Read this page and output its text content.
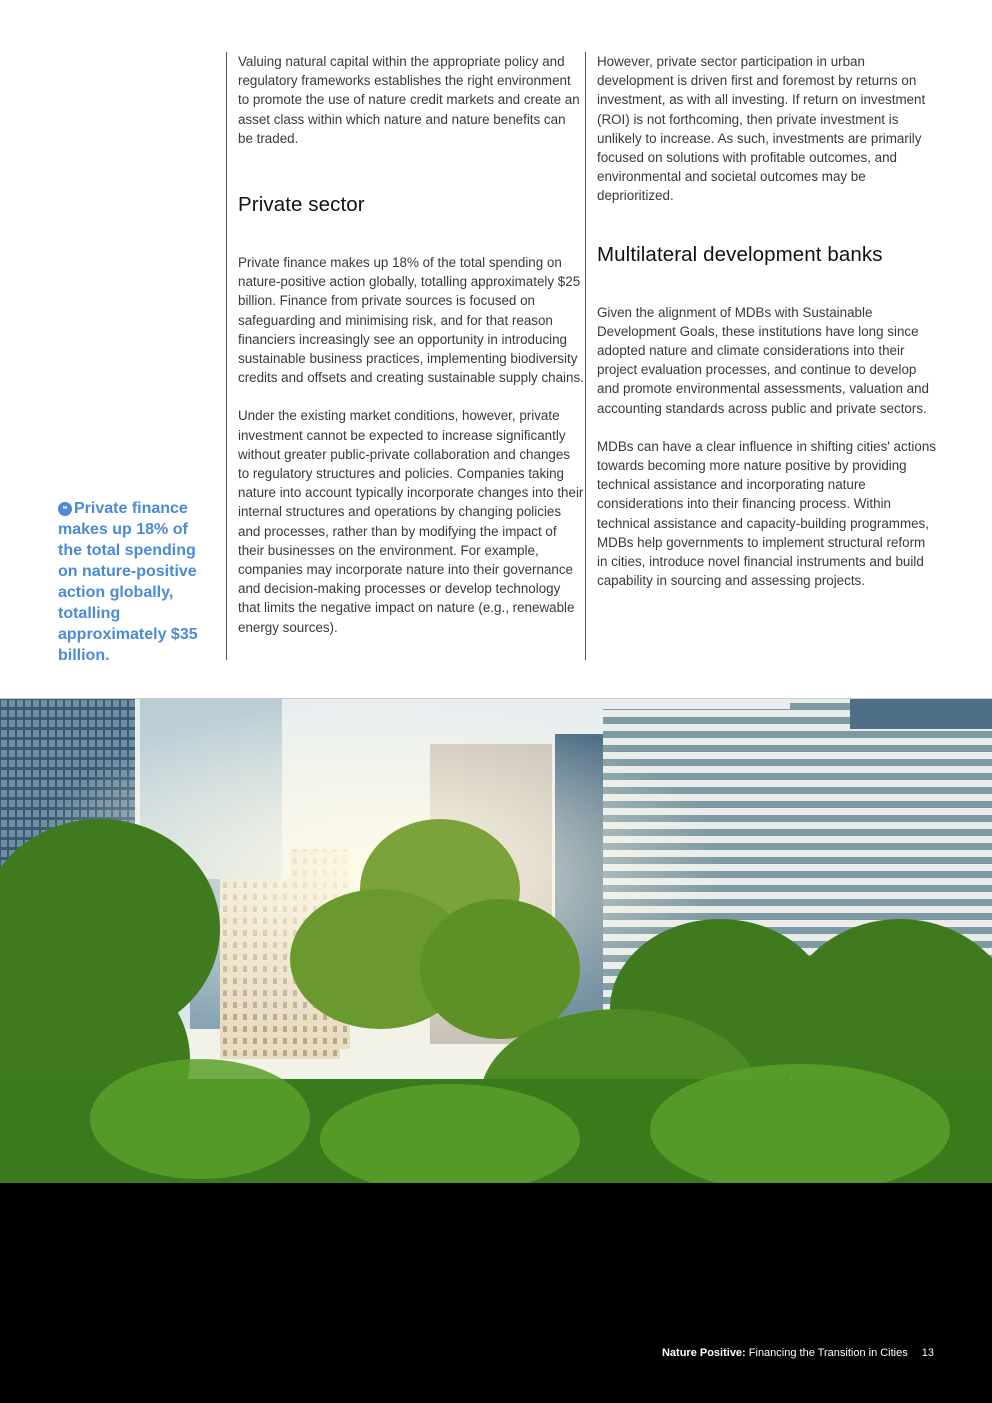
Valuing natural capital within the appropriate policy and regulatory frameworks establishes the right environment to promote the use of nature credit markets and create an asset class within which nature and nature benefits can be traded.

Private sector

Private finance makes up 18% of the total spending on nature-positive action globally, totalling approximately $25 billion. Finance from private sources is focused on safeguarding and minimising risk, and for that reason financiers increasingly see an opportunity in introducing sustainable business practices, implementing biodiversity credits and offsets and creating sustainable supply chains.

Under the existing market conditions, however, private investment cannot be expected to increase significantly without greater public-private collaboration and changes to regulatory structures and policies. Companies taking nature into account typically incorporate changes into their internal structures and operations by changing policies and processes, rather than by modifying the impact of their businesses on the environment. For example, companies may incorporate nature into their governance and decision-making processes or develop technology that limits the negative impact on nature (e.g., renewable energy sources).

However, private sector participation in urban development is driven first and foremost by returns on investment, as with all investing. If return on investment (ROI) is not forthcoming, then private investment is unlikely to increase. As such, investments are primarily focused on solutions with profitable outcomes, and environmental and societal outcomes may be deprioritized.

Multilateral development banks

Given the alignment of MDBs with Sustainable Development Goals, these institutions have long since adopted nature and climate considerations into their project evaluation processes, and continue to develop and promote environmental assessments, valuation and accounting standards across public and private sectors.

MDBs can have a clear influence in shifting cities' actions towards becoming more nature positive by providing technical assistance and incorporating nature considerations into their financing process. Within technical assistance and capacity-building programmes, MDBs help governments to implement structural reform in cities, introduce novel financial instruments and build capability in sourcing and assessing projects.

❝ Private finance makes up 18% of the total spending on nature-positive action globally, totalling approximately $35 billion.
Nature Positive: Financing the Transition in Cities 13
